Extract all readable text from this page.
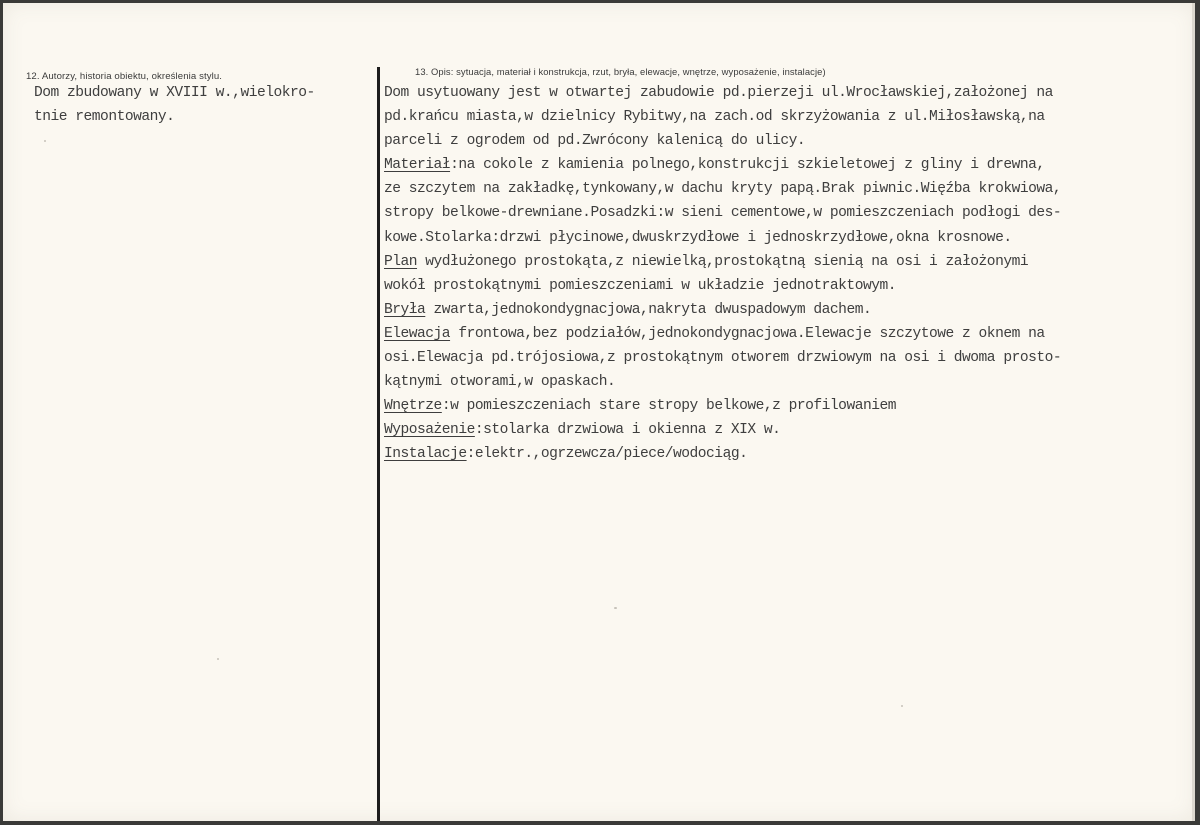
12. Autorzy, historia obiektu, określenia stylu.	13. Opis: sytuacja, materiał i konstrukcja, rzut, bryła, elewacje, wnętrze, wyposażenie, instalacje)
Dom zbudowany w XVIII w.,wielokro-
tnie remontowany.
Dom usytuowany jest w otwartej zabudowie pd.pierzeji ul.Wrocławskiej,założonej na
pd.krańcu miasta,w dzielnicy Rybitwy,na zach.od skrzyżowania z ul.Miłosławską,na
parceli z ogrodem od pd.Zwrócony kalenicą do ulicy.
Materiał:na cokole z kamienia polnego,konstrukcji szkieletowej z gliny i drewna,
ze szczytem na zakładkę,tynkowany,w dachu kryty papą.Brak piwnic.Więźba krokwiowa,
stropy belkowe-drewniane.Posadzki:w sieni cementowe,w pomieszczeniach podłogi des-
kowe.Stolarka:drzwi płycinowe,dwuskrzydłowe i jednoskrzydłowe,okna krosnowe.
Plan wydłużonego prostokąta,z niewielką,prostokątną sienią na osi i założonymi
wokół prostokątnymi pomieszczeniami w układzie jednotraktowym.
Bryła zwarta,jednokondygnacjowa,nakryta dwuspadowym dachem.
Elewacja frontowa,bez podziałów,jednokondygnacjowa.Elewacje szczytowe z oknem na
osi.Elewacja pd.trójosiowa,z prostokątnym otworem drzwiowym na osi i dwoma prosto-
kątnymi otworami,w opaskach.
Wnętrze:w pomieszczeniach stare stropy belkowe,z profilowaniem
Wyposażenie:stolarka drzwiowa i okienna z XIX w.
Instalacje:elektr.,ogrzewcza/piece/wodociąg.
